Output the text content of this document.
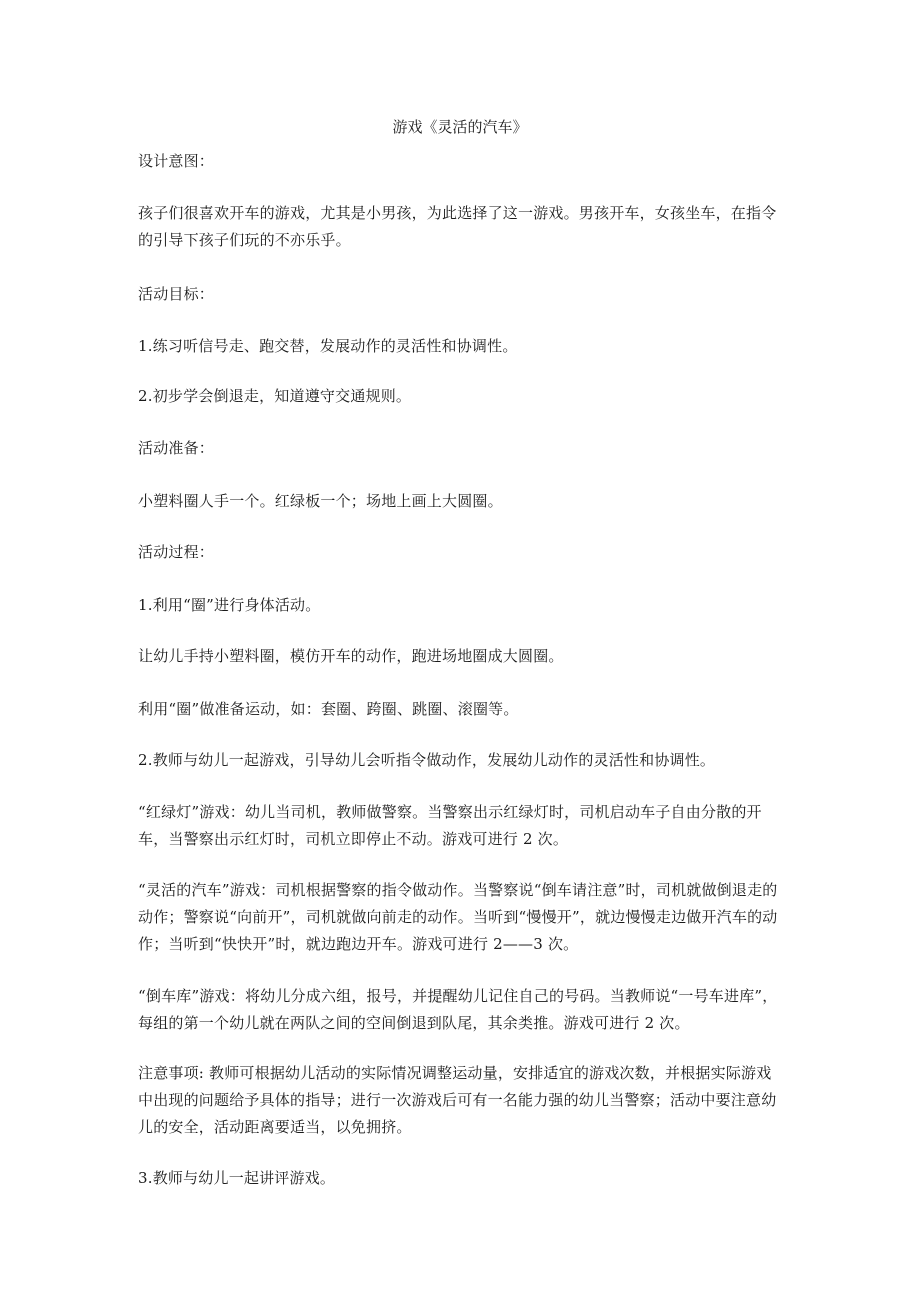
游戏《灵活的汽车》

设计意图：

孩子们很喜欢开车的游戏，尤其是小男孩，为此选择了这一游戏。男孩开车，女孩坐车，在指令的引导下孩子们玩的不亦乐乎。

活动目标：

1.练习听信号走、跑交替，发展动作的灵活性和协调性。

2.初步学会倒退走，知道遵守交通规则。

活动准备：

小塑料圈人手一个。红绿板一个；场地上画上大圆圈。

活动过程：

1.利用“圈”进行身体活动。

让幼儿手持小塑料圈，模仿开车的动作，跑进场地圈成大圆圈。

利用“圈”做准备运动，如：套圈、跨圈、跳圈、滚圈等。

2.教师与幼儿一起游戏，引导幼儿会听指令做动作，发展幼儿动作的灵活性和协调性。

“红绿灯”游戏：幼儿当司机，教师做警察。当警察出示红绿灯时，司机启动车子自由分散的开车，当警察出示红灯时，司机立即停止不动。游戏可进行 2 次。

“灵活的汽车”游戏：司机根据警察的指令做动作。当警察说“倒车请注意”时，司机就做倒退走的动作；警察说“向前开”，司机就做向前走的动作。当听到“慢慢开”，就边慢慢走边做开汽车的动作；当听到“快快开”时，就边跑边开车。游戏可进行 2——3 次。

“倒车库”游戏：将幼儿分成六组，报号，并提醒幼儿记住自己的号码。当教师说“一号车进库”，每组的第一个幼儿就在两队之间的空间倒退到队尾，其余类推。游戏可进行 2 次。

注意事项: 教师可根据幼儿活动的实际情况调整运动量，安排适宜的游戏次数，并根据实际游戏中出现的问题给予具体的指导；进行一次游戏后可有一名能力强的幼儿当警察；活动中要注意幼儿的安全，活动距离要适当，以免拥挤。

3.教师与幼儿一起讲评游戏。
